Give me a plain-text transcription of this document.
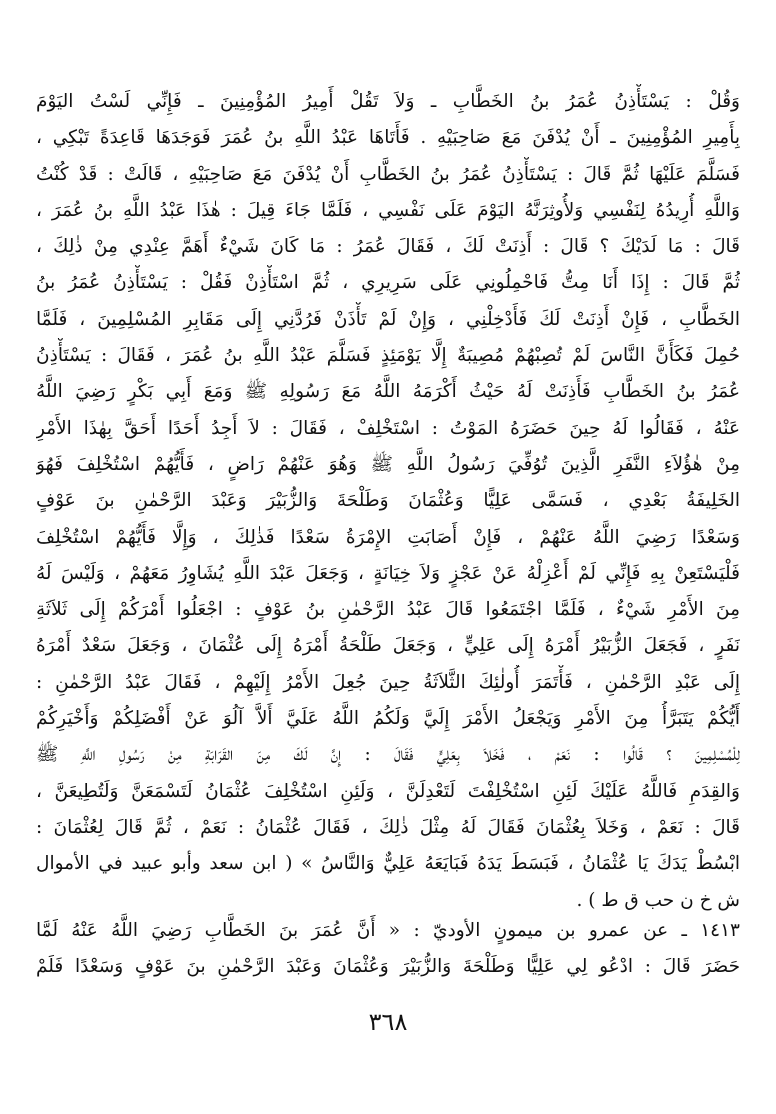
وَقُلْ : يَسْتَأْذِنُ عُمَرُ بنُ الخَطَّابِ ـ وَلاَ تَقُلْ أَمِيرُ المُؤْمِنِينَ ـ فَإِنِّي لَسْتُ اليَوْمَ
بِأَمِيرِ المُؤْمِنِينَ ـ أَنْ يُدْفَنَ مَعَ صَاحِبَيْهِ . فَأَتَاهَا عَبْدُ اللَّهِ بنُ عُمَرَ فَوَجَدَهَا قَاعِدَةً تَبْكِي ،
فَسَلَّمَ عَلَيْهَا ثُمَّ قَالَ : يَسْتَأْذِنُ عُمَرُ بنُ الخَطَّابِ أَنْ يُدْفَنَ مَعَ صَاحِبَيْهِ ، قَالَتْ : قَدْ كُنْتُ
وَاللَّهِ أُرِيدُهُ لِنَفْسِي وَلأُوثِرَنَّهُ اليَوْمَ عَلَى نَفْسِي ، فَلَمَّا جَاءَ قِيلَ : هٰذَا عَبْدُ اللَّهِ بنُ عُمَرَ ،
قَالَ : مَا لَدَيْكَ ؟ قَالَ : أَذِنَتْ لَكَ ، فَقَالَ عُمَرُ : مَا كَانَ شَيْءٌ أَهَمَّ عِنْدِي مِنْ ذٰلِكَ ،
ثُمَّ قَالَ : إِذَا أَنَا مِتُّ فَاحْمِلُونِي عَلَى سَرِيرِي ، ثُمَّ اسْتَأْذِنْ فَقُلْ : يَسْتَأْذِنُ عُمَرُ بنُ
الخَطَّابِ ، فَإِنْ أَذِنَتْ لَكَ فَأَدْخِلْنِي ، وَإِنْ لَمْ تَأْذَنْ فَرُدَّنِي إِلَى مَقَابِرِ المُسْلِمِينَ ، فَلَمَّا
حُمِلَ فَكَأَنَّ النَّاسَ لَمْ تُصِبْهُمْ مُصِيبَةٌ إِلَّا يَوْمَئِذٍ فَسَلَّمَ عَبْدُ اللَّهِ بنُ عُمَرَ ، فَقَالَ : يَسْتَأْذِنُ
عُمَرُ بنُ الخَطَّابِ فَأَذِنَتْ لَهُ حَيْثُ أَكْرَمَهُ اللَّهُ مَعَ رَسُولِهِ ﷺ وَمَعَ أَبِي بَكْرٍ رَضِيَ اللَّهُ
عَنْهُ ، فَقَالُوا لَهُ حِينَ حَضَرَهُ المَوْتُ : اسْتَخْلِفْ ، فَقَالَ : لاَ أَجِدُ أَحَدًا أَحَقَّ بِهٰذَا الأَمْرِ
مِنْ هٰؤُلاَءِ النَّفَرِ الَّذِينَ تُوُفِّيَ رَسُولُ اللَّهِ ﷺ وَهُوَ عَنْهُمْ رَاضٍ ، فَأَيُّهُمْ اسْتُخْلِفَ فَهُوَ
الخَلِيفَةُ بَعْدِي ، فَسَمَّى عَلِيًّا وَعُثْمَانَ وَطَلْحَةَ وَالزُّبَيْرَ وَعَبْدَ الرَّحْمٰنِ بنَ عَوْفٍ
وَسَعْدًا رَضِيَ اللَّهُ عَنْهُمْ ، فَإِنْ أَصَابَتِ الإِمْرَةُ سَعْدًا فَذٰلِكَ ، وَإِلَّا فَأَيُّهُمْ اسْتُخْلِفَ
فَلْيَسْتَعِنْ بِهِ فَإِنِّي لَمْ أَعْزِلْهُ عَنْ عَجْزٍ وَلاَ خِيَانَةٍ ، وَجَعَلَ عَبْدَ اللَّهِ يُشَاوِرُ مَعَهُمْ ، وَلَيْسَ لَهُ
مِنَ الأَمْرِ شَيْءٌ ، فَلَمَّا اجْتَمَعُوا قَالَ عَبْدُ الرَّحْمٰنِ بنُ عَوْفٍ : اجْعَلُوا أَمْرَكُمْ إِلَى ثَلاَثَةِ
نَفَرٍ ، فَجَعَلَ الزُّبَيْرُ أَمْرَهُ إِلَى عَلِيٍّ ، وَجَعَلَ طَلْحَةُ أَمْرَهُ إِلَى عُثْمَانَ ، وَجَعَلَ سَعْدٌ أَمْرَهُ
إِلَى عَبْدِ الرَّحْمٰنِ ، فَأْتَمَرَ أُولٰئِكَ الثَّلاَثَةُ حِينَ جُعِلَ الأَمْرُ إِلَيْهِمْ ، فَقَالَ عَبْدُ الرَّحْمٰنِ :
أَيُّكُمْ يَتَبَرَّأُ مِنَ الأَمْرِ وَيَجْعَلُ الأَمْرَ إِلَيَّ وَلَكُمُ اللَّهُ عَلَيَّ أَلاَّ آلُوَ عَنْ أَفْضَلِكُمْ وَأَخْيَرِكُمْ
لِلْمُسْلِمِينَ ؟ قَالُوا : نَعَمْ ، فَخَلاَ بِعَلِيٍّ فَقَالَ : إِنَّ لَكَ مِنَ القَرَابَةِ مِنْ رَسُولِ اللَّهِ ﷺ
وَالقِدَمِ فَاللَّهُ عَلَيْكَ لَئِنِ اسْتُخْلِفْتَ لَتَعْدِلَنَّ ، وَلَئِنِ اسْتُخْلِفَ عُثْمَانُ لَتَسْمَعَنَّ وَلَتُطِيعَنَّ ،
قَالَ : نَعَمْ ، وَخَلاَ بِعُثْمَانَ فَقَالَ لَهُ مِثْلَ ذٰلِكَ ، فَقَالَ عُثْمَانُ : نَعَمْ ، ثُمَّ قَالَ لِعُثْمَانَ :
ابْسُطْ يَدَكَ يَا عُثْمَانُ ، فَبَسَطَ يَدَهُ فَبَايَعَهُ عَلِيٌّ وَالنَّاسُ » ( ابن سعد وأبو عبيد في الأموال
ش خ ن حب ق ط ) .
١٤١٣ ـ عن عمرو بن ميمونٍ الأوديّ : « أَنَّ عُمَرَ بنَ الخَطَّابِ رَضِيَ اللَّهُ عَنْهُ لَمَّا
حَضَرَ قَالَ : ادْعُو لِي عَلِيًّا وَطَلْحَةَ وَالزُّبَيْرَ وَعُثْمَانَ وَعَبْدَ الرَّحْمٰنِ بنَ عَوْفٍ وَسَعْدًا فَلَمْ
٣٦٨
